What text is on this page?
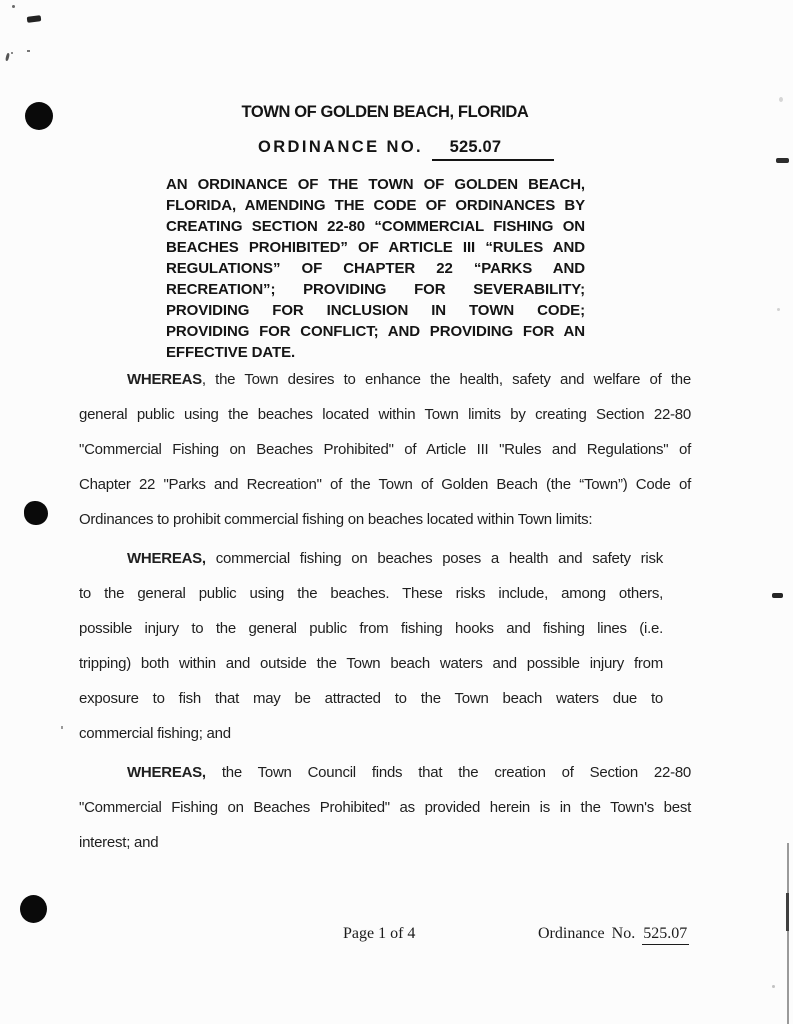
TOWN OF GOLDEN BEACH, FLORIDA
ORDINANCE NO. 525.07
AN ORDINANCE OF THE TOWN OF GOLDEN BEACH,
FLORIDA, AMENDING THE CODE OF ORDINANCES BY
CREATING SECTION 22-80 “COMMERCIAL FISHING ON
BEACHES PROHIBITED” OF ARTICLE III “RULES AND
REGULATIONS” OF CHAPTER 22 “PARKS AND
RECREATION”; PROVIDING FOR SEVERABILITY;
PROVIDING FOR INCLUSION IN TOWN CODE;
PROVIDING FOR CONFLICT; AND PROVIDING FOR AN
EFFECTIVE DATE.
WHEREAS, the Town desires to enhance the health, safety and welfare of the
general public using the beaches located within Town limits by creating Section 22-80
"Commercial Fishing on Beaches Prohibited" of Article III "Rules and Regulations" of
Chapter 22 "Parks and Recreation" of the Town of Golden Beach (the “Town”) Code of
Ordinances to prohibit commercial fishing on beaches located within Town limits:
WHEREAS, commercial fishing on beaches poses a health and safety risk
to the general public using the beaches. These risks include, among others,
possible injury to the general public from fishing hooks and fishing lines (i.e.
tripping) both within and outside the Town beach waters and possible injury from
exposure to fish that may be attracted to the Town beach waters due to
commercial fishing; and
WHEREAS, the Town Council finds that the creation of Section 22-80
"Commercial Fishing on Beaches Prohibited" as provided herein is in the Town's best
interest; and
Page 1 of 4	Ordinance No. 525.07
